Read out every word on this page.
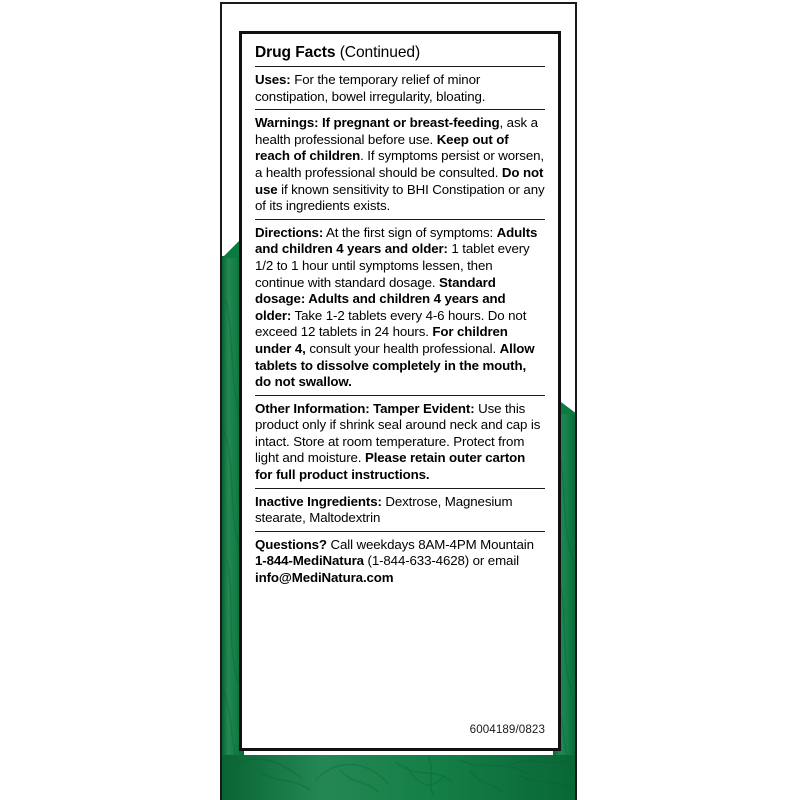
Drug Facts (Continued)
Uses: For the temporary relief of minor constipation, bowel irregularity, bloating.
Warnings: If pregnant or breast-feeding, ask a health professional before use. Keep out of reach of children. If symptoms persist or worsen, a health professional should be consulted. Do not use if known sensitivity to BHI Constipation or any of its ingredients exists.
Directions: At the first sign of symptoms: Adults and children 4 years and older: 1 tablet every 1/2 to 1 hour until symptoms lessen, then continue with standard dosage. Standard dosage: Adults and children 4 years and older: Take 1-2 tablets every 4-6 hours. Do not exceed 12 tablets in 24 hours. For children under 4, consult your health professional. Allow tablets to dissolve completely in the mouth, do not swallow.
Other Information: Tamper Evident: Use this product only if shrink seal around neck and cap is intact. Store at room temperature. Protect from light and moisture. Please retain outer carton for full product instructions.
Inactive Ingredients: Dextrose, Magnesium stearate, Maltodextrin
Questions? Call weekdays 8AM-4PM Mountain 1-844-MediNatura (1-844-633-4628) or email info@MediNatura.com
6004189/0823
